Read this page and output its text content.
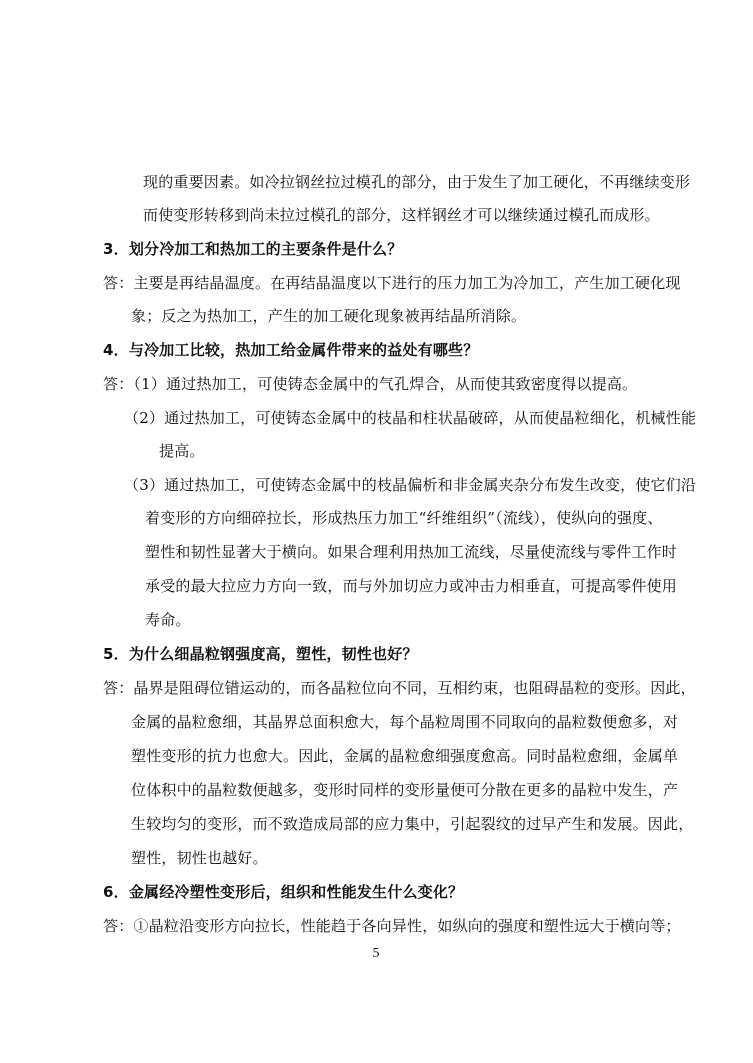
现的重要因素。如冷拉钢丝拉过模孔的部分，由于发生了加工硬化，不再继续变形
而使变形转移到尚未拉过模孔的部分，这样钢丝才可以继续通过模孔而成形。
3．划分冷加工和热加工的主要条件是什么？
答：主要是再结晶温度。在再结晶温度以下进行的压力加工为冷加工，产生加工硬化现
象；反之为热加工，产生的加工硬化现象被再结晶所消除。
4．与冷加工比较，热加工给金属件带来的益处有哪些？
答：（1）通过热加工，可使铸态金属中的气孔焊合，从而使其致密度得以提高。
（2）通过热加工，可使铸态金属中的枝晶和柱状晶破碎，从而使晶粒细化，机械性能
提高。
（3）通过热加工，可使铸态金属中的枝晶偏析和非金属夹杂分布发生改变，使它们沿
着变形的方向细碎拉长，形成热压力加工“纤维组织”（流线），使纵向的强度、
塑性和韧性显著大于横向。如果合理利用热加工流线，尽量使流线与零件工作时
承受的最大拉应力方向一致，而与外加切应力或冲击力相垂直，可提高零件使用
寿命。
5．为什么细晶粒钢强度高，塑性，韧性也好？
答：晶界是阻碍位错运动的，而各晶粒位向不同，互相约束，也阻碍晶粒的变形。因此，
金属的晶粒愈细，其晶界总面积愈大，每个晶粒周围不同取向的晶粒数便愈多，对
塑性变形的抗力也愈大。因此，金属的晶粒愈细强度愈高。同时晶粒愈细，金属单
位体积中的晶粒数便越多，变形时同样的变形量便可分散在更多的晶粒中发生，产
生较均匀的变形，而不致造成局部的应力集中，引起裂纹的过早产生和发展。因此，
塑性，韧性也越好。
6．金属经冷塑性变形后，组织和性能发生什么变化？
答：①晶粒沿变形方向拉长，性能趋于各向异性，如纵向的强度和塑性远大于横向等；
5
